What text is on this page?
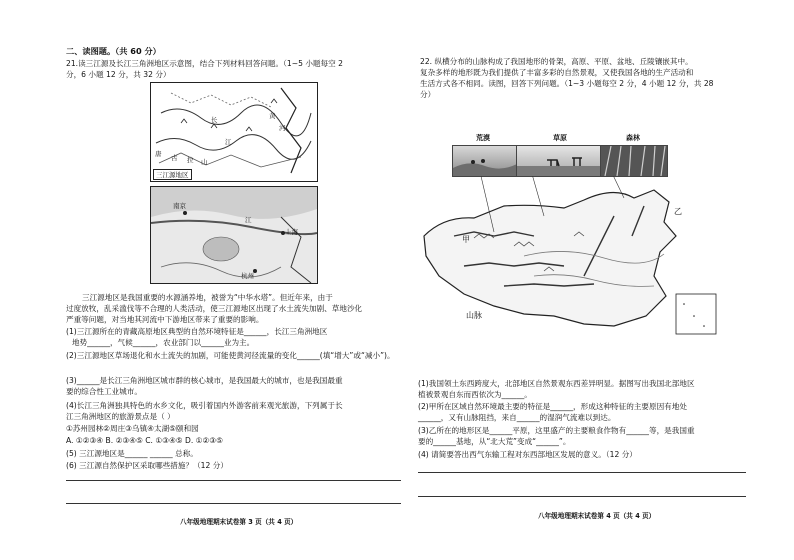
二、读图题。（共 60 分）
21.读三江源及长江三角洲地区示意图，结合下列材料回答问题。（1~5 小题每空 2
分，6 小题 12 分，共 32 分）
长	黄
河
江
唐 古 拉 山
三江源地区
南京
上海
杭州
江
三江源地区是我国重要的水源涵养地，被誉为“中华水塔”。但近年来，由于
过度放牧，乱采滥伐等不合理的人类活动，使三江源地区出现了水土流失加剧、草地沙化
严重等问题，对当地其河流中下游地区带来了重要的影响。
(1)三江源所在的青藏高原地区典型的自然环境特征是______，长江三角洲地区
地势______，气候______，农业部门以______业为主。
(2)三江源地区草场退化和水土流失的加剧，可能使黄河径流量的变化______(填“增大”或“减小”)。
(3)______是长江三角洲地区城市群的核心城市，是我国最大的城市，也是我国最重
要的综合性工业城市。
(4)长江三角洲独具特色的水乡文化，吸引着国内外游客前来观光旅游，下列属于长
江三角洲地区的旅游景点是（ ）
①苏州园林②周庄③乌镇④太湖⑤颐和园
A. ①②③④ B. ②③④⑤ C. ①③④⑤ D. ①②③⑤
(5) 三江源地区是______ ______ 总称。
(6) 三江源自然保护区采取哪些措施？（12 分）
八年级地理期末试卷第 3 页（共 4 页）
22. 纵横分布的山脉构成了我国地形的骨架，高原、平原、盆地、丘陵镶嵌其中。
复杂多样的地形既为我们提供了丰富多彩的自然景观，又使我国各地的生产活动和
生活方式各不相同。读图，回答下列问题。（1~3 小题每空 2 分，4 小题 12 分，共 28
分）
荒漠	草原	森林
甲
乙
山脉
(1)我国领土东西跨度大，北部地区自然景观东西差异明显。据图写出我国北部地区
植被景观自东而西依次为______。
(2)甲所在区域自然环境最主要的特征是______，形成这种特征的主要原因有地处
______，又有山脉阻挡，来自______的湿润气流难以到达。
(3)乙所在的地形区是______平原，这里盛产的主要粮食作物有______等，是我国重
要的______基地，从“北大荒”变成“______”。
(4) 请简要答出西气东输工程对东西部地区发展的意义。（12 分）
八年级地理期末试卷第 4 页（共 4 页）
